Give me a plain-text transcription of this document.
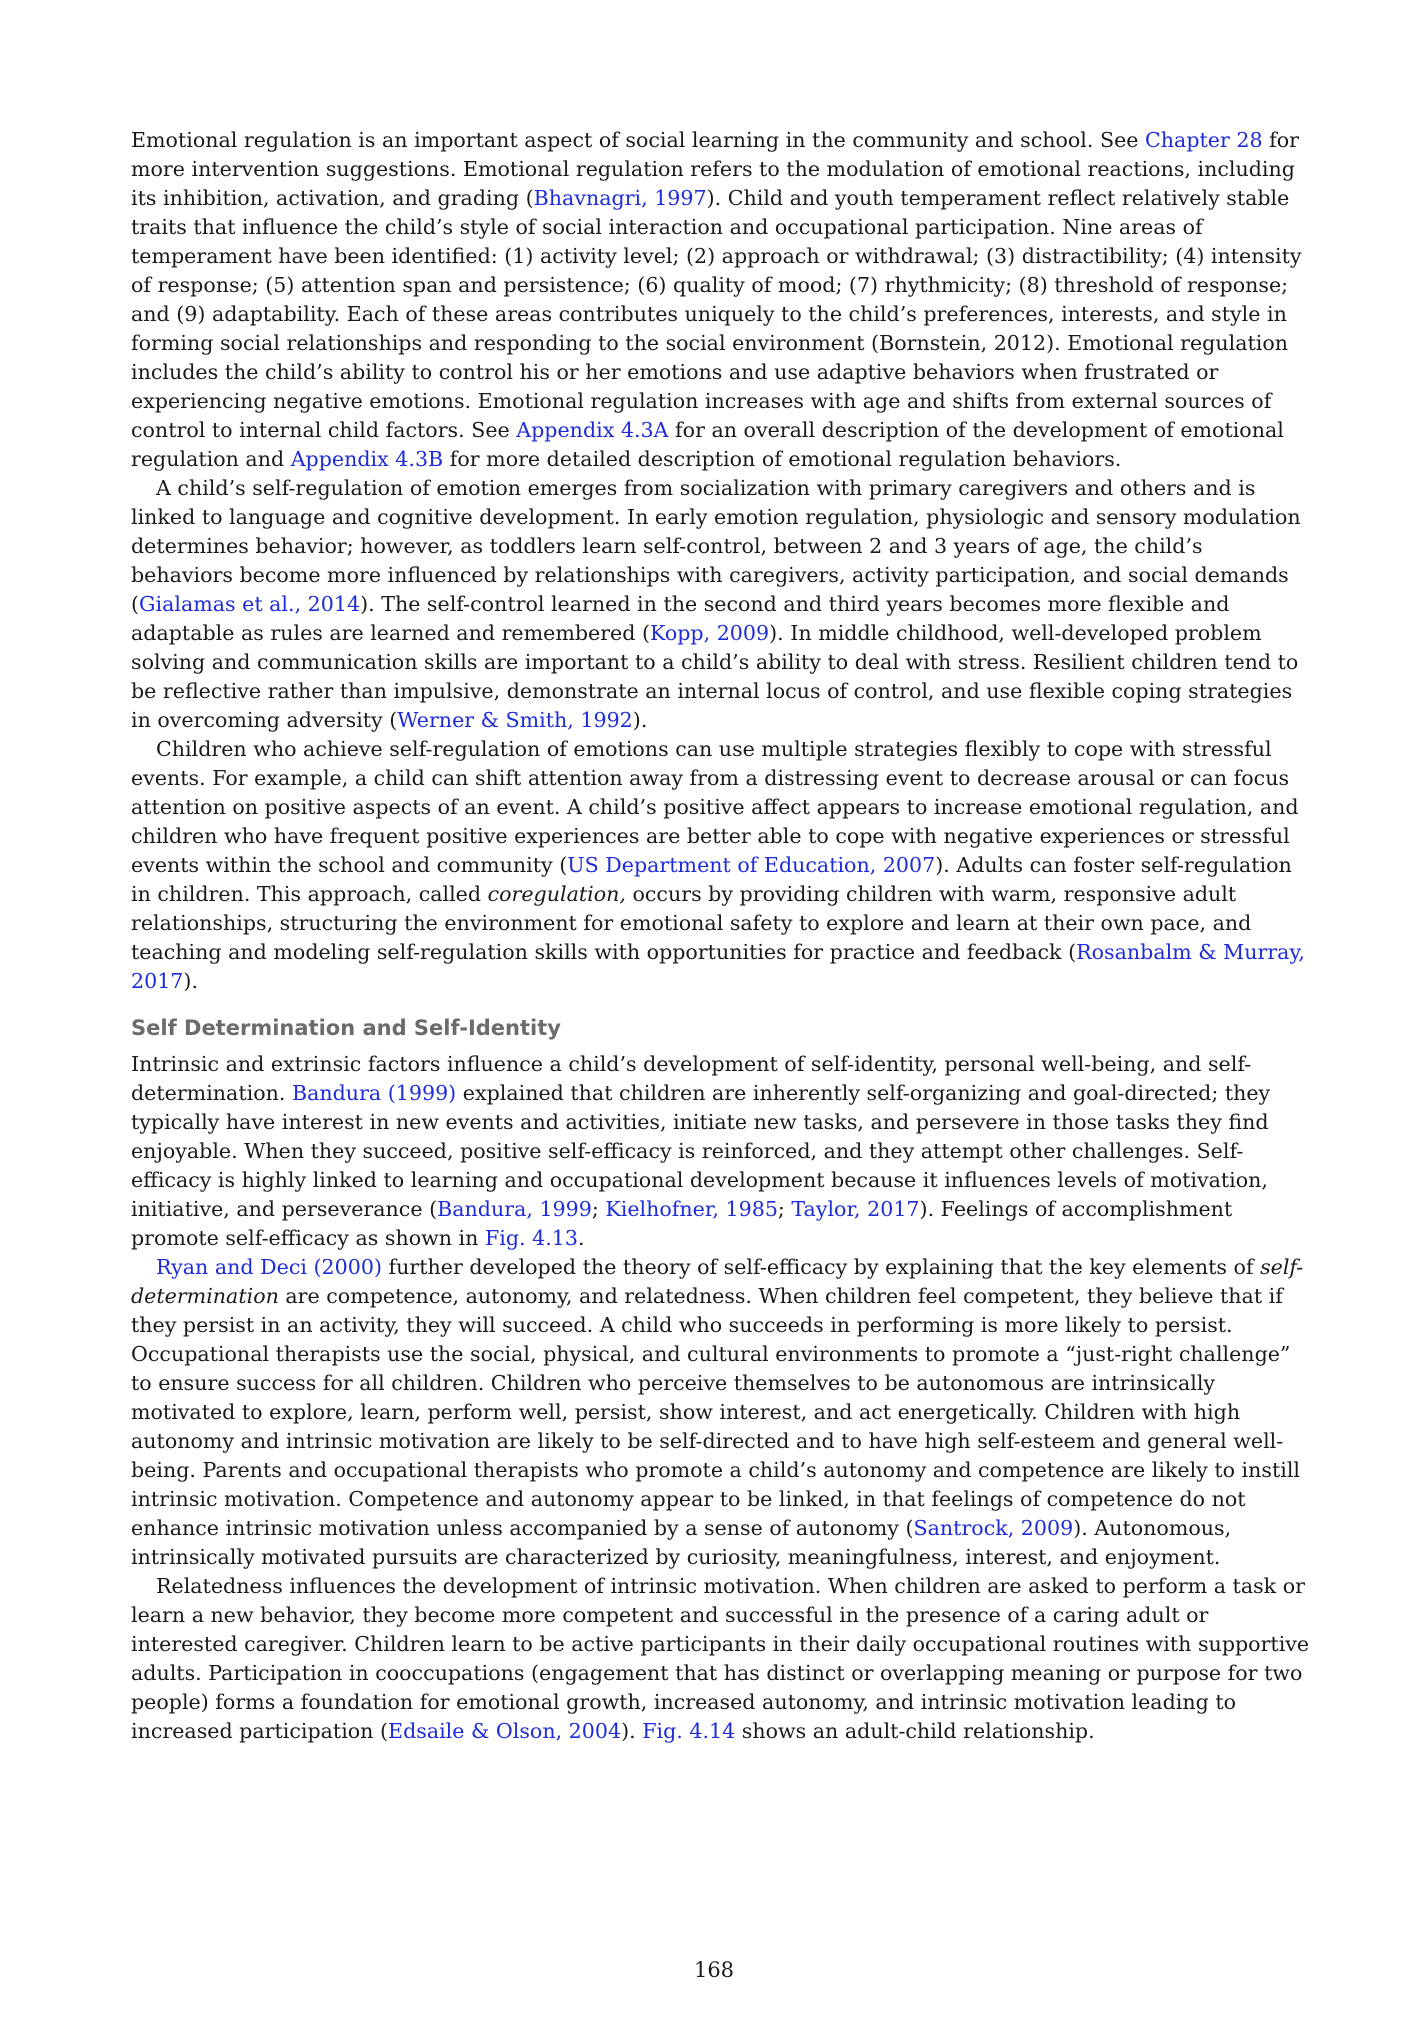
Emotional regulation is an important aspect of social learning in the community and school. See Chapter 28 for more intervention suggestions. Emotional regulation refers to the modulation of emotional reactions, including its inhibition, activation, and grading (Bhavnagri, 1997). Child and youth temperament reflect relatively stable traits that influence the child’s style of social interaction and occupational participation. Nine areas of temperament have been identified: (1) activity level; (2) approach or withdrawal; (3) distractibility; (4) intensity of response; (5) attention span and persistence; (6) quality of mood; (7) rhythmicity; (8) threshold of response; and (9) adaptability. Each of these areas contributes uniquely to the child’s preferences, interests, and style in forming social relationships and responding to the social environment (Bornstein, 2012). Emotional regulation includes the child’s ability to control his or her emotions and use adaptive behaviors when frustrated or experiencing negative emotions. Emotional regulation increases with age and shifts from external sources of control to internal child factors. See Appendix 4.3A for an overall description of the development of emotional regulation and Appendix 4.3B for more detailed description of emotional regulation behaviors.

A child’s self-regulation of emotion emerges from socialization with primary caregivers and others and is linked to language and cognitive development. In early emotion regulation, physiologic and sensory modulation determines behavior; however, as toddlers learn self-control, between 2 and 3 years of age, the child’s behaviors become more influenced by relationships with caregivers, activity participation, and social demands (Gialamas et al., 2014). The self-control learned in the second and third years becomes more flexible and adaptable as rules are learned and remembered (Kopp, 2009). In middle childhood, well-developed problem solving and communication skills are important to a child’s ability to deal with stress. Resilient children tend to be reflective rather than impulsive, demonstrate an internal locus of control, and use flexible coping strategies in overcoming adversity (Werner & Smith, 1992).

Children who achieve self-regulation of emotions can use multiple strategies flexibly to cope with stressful events. For example, a child can shift attention away from a distressing event to decrease arousal or can focus attention on positive aspects of an event. A child’s positive affect appears to increase emotional regulation, and children who have frequent positive experiences are better able to cope with negative experiences or stressful events within the school and community (US Department of Education, 2007). Adults can foster self-regulation in children. This approach, called coregulation, occurs by providing children with warm, responsive adult relationships, structuring the environment for emotional safety to explore and learn at their own pace, and teaching and modeling self-regulation skills with opportunities for practice and feedback (Rosanbalm & Murray, 2017).

Self Determination and Self-Identity

Intrinsic and extrinsic factors influence a child’s development of self-identity, personal well-being, and self-determination. Bandura (1999) explained that children are inherently self-organizing and goal-directed; they typically have interest in new events and activities, initiate new tasks, and persevere in those tasks they find enjoyable. When they succeed, positive self-efficacy is reinforced, and they attempt other challenges. Self-efficacy is highly linked to learning and occupational development because it influences levels of motivation, initiative, and perseverance (Bandura, 1999; Kielhofner, 1985; Taylor, 2017). Feelings of accomplishment promote self-efficacy as shown in Fig. 4.13.

Ryan and Deci (2000) further developed the theory of self-efficacy by explaining that the key elements of self-determination are competence, autonomy, and relatedness. When children feel competent, they believe that if they persist in an activity, they will succeed. A child who succeeds in performing is more likely to persist. Occupational therapists use the social, physical, and cultural environments to promote a “just-right challenge” to ensure success for all children. Children who perceive themselves to be autonomous are intrinsically motivated to explore, learn, perform well, persist, show interest, and act energetically. Children with high autonomy and intrinsic motivation are likely to be self-directed and to have high self-esteem and general well-being. Parents and occupational therapists who promote a child’s autonomy and competence are likely to instill intrinsic motivation. Competence and autonomy appear to be linked, in that feelings of competence do not enhance intrinsic motivation unless accompanied by a sense of autonomy (Santrock, 2009). Autonomous, intrinsically motivated pursuits are characterized by curiosity, meaningfulness, interest, and enjoyment.

Relatedness influences the development of intrinsic motivation. When children are asked to perform a task or learn a new behavior, they become more competent and successful in the presence of a caring adult or interested caregiver. Children learn to be active participants in their daily occupational routines with supportive adults. Participation in cooccupations (engagement that has distinct or overlapping meaning or purpose for two people) forms a foundation for emotional growth, increased autonomy, and intrinsic motivation leading to increased participation (Edsaile & Olson, 2004). Fig. 4.14 shows an adult-child relationship.

168
